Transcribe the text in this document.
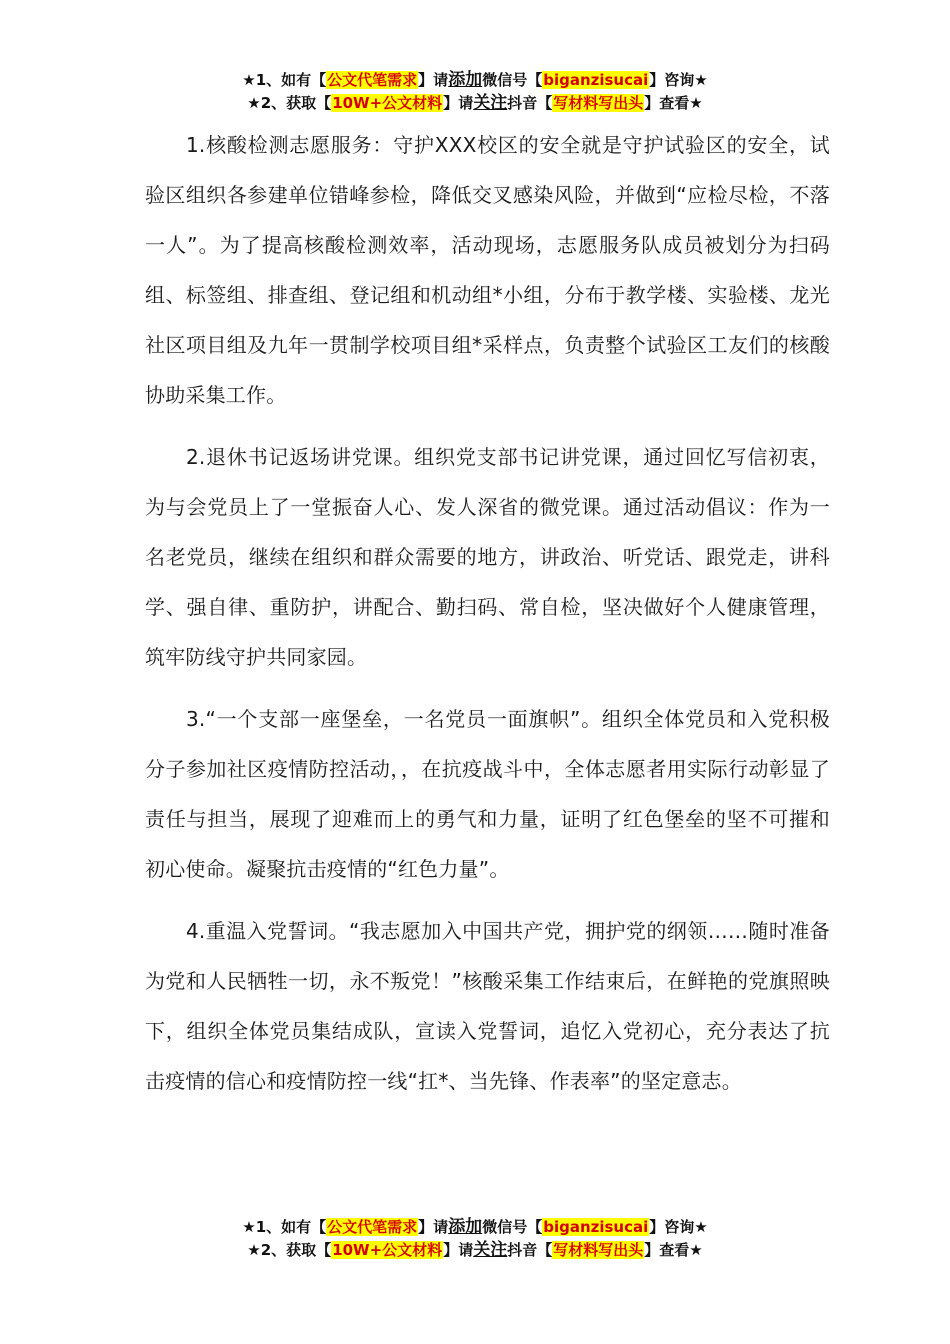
★1、如有【公文代笔需求】请添加微信号【biganzisucai】咨询★
★2、获取【10W+公文材料】请关注抖音【写材料写出头】查看★

1.核酸检测志愿服务：守护XXX校区的安全就是守护试验区的安全，试验区组织各参建单位错峰参检，降低交叉感染风险，并做到“应检尽检，不落一人”。为了提高核酸检测效率，活动现场，志愿服务队成员被划分为扫码组、标签组、排查组、登记组和机动组*小组，分布于教学楼、实验楼、龙光社区项目组及九年一贯制学校项目组*采样点，负责整个试验区工友们的核酸协助采集工作。

2.退休书记返场讲党课。组织党支部书记讲党课，通过回忆写信初衷，为与会党员上了一堂振奋人心、发人深省的微党课。通过活动倡议：作为一名老党员，继续在组织和群众需要的地方，讲政治、听党话、跟党走，讲科学、强自律、重防护，讲配合、勤扫码、常自检，坚决做好个人健康管理，筑牢防线守护共同家园。

3.“一个支部一座堡垒，一名党员一面旗帜”。组织全体党员和入党积极分子参加社区疫情防控活动，，在抗疫战斗中，全体志愿者用实际行动彰显了责任与担当，展现了迎难而上的勇气和力量，证明了红色堡垒的坚不可摧和初心使命。凝聚抗击疫情的“红色力量”。

4.重温入党誓词。“我志愿加入中国共产党，拥护党的纲领……随时准备为党和人民牺牲一切，永不叛党！”核酸采集工作结束后，在鲜艳的党旗照映下，组织全体党员集结成队，宣读入党誓词，追忆入党初心，充分表达了抗击疫情的信心和疫情防控一线“扛*、当先锋、作表率”的坚定意志。

★1、如有【公文代笔需求】请添加微信号【biganzisucai】咨询★
★2、获取【10W+公文材料】请关注抖音【写材料写出头】查看★
